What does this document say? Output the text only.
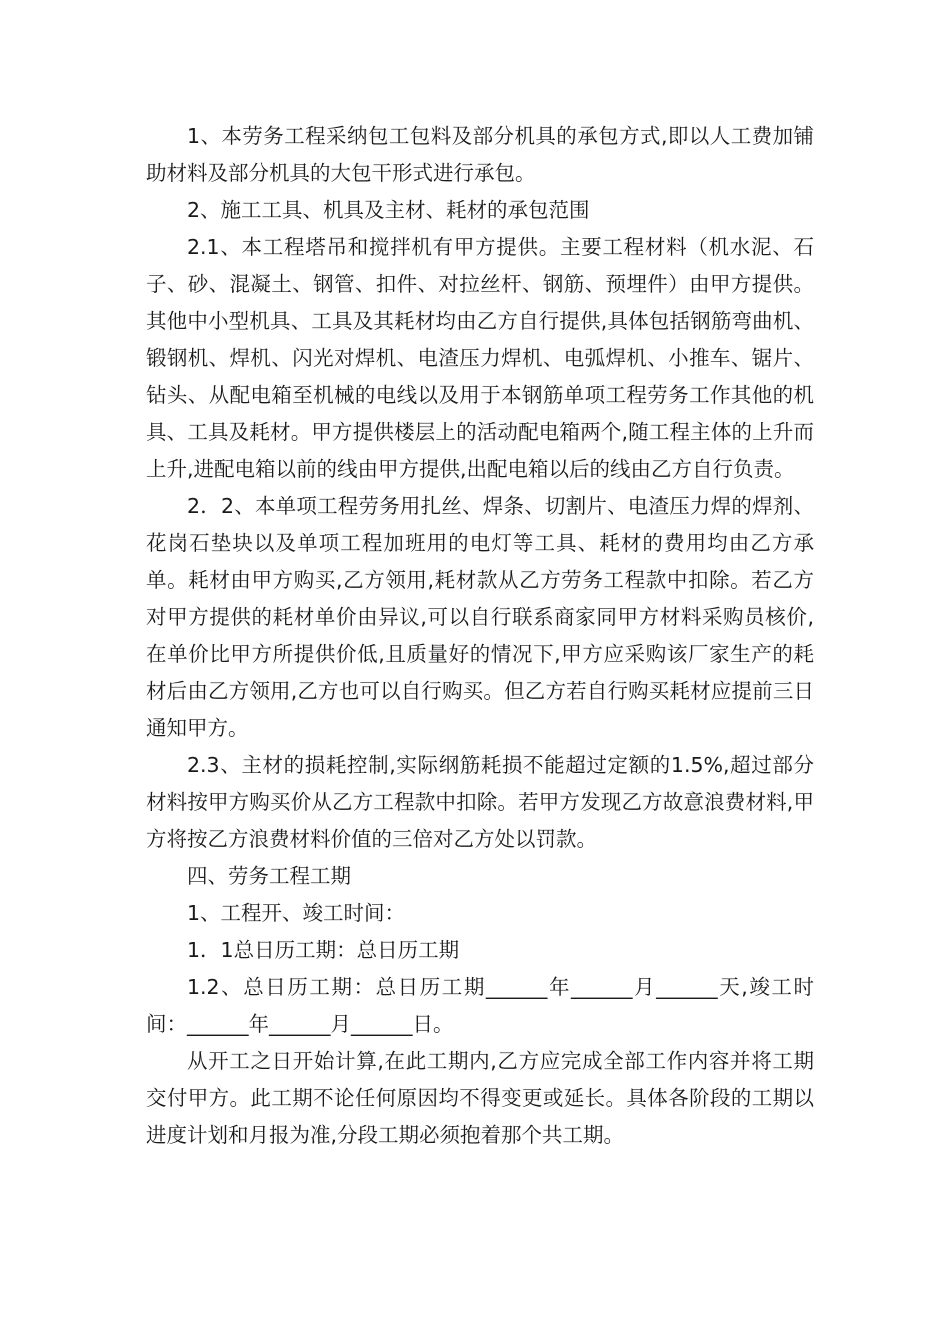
1、本劳务工程采纳包工包料及部分机具的承包方式,即以人工费加铺助材料及部分机具的大包干形式进行承包。

2、施工工具、机具及主材、耗材的承包范围

2.1、本工程塔吊和搅拌机有甲方提供。主要工程材料（机水泥、石子、砂、混凝土、钢管、扣件、对拉丝杆、钢筋、预埋件）由甲方提供。其他中小型机具、工具及其耗材均由乙方自行提供,具体包括钢筋弯曲机、锻钢机、焊机、闪光对焊机、电渣压力焊机、电弧焊机、小推车、锯片、钻头、从配电箱至机械的电线以及用于本钢筋单项工程劳务工作其他的机具、工具及耗材。甲方提供楼层上的活动配电箱两个,随工程主体的上升而上升,进配电箱以前的线由甲方提供,出配电箱以后的线由乙方自行负责。

2．2、本单项工程劳务用扎丝、焊条、切割片、电渣压力焊的焊剂、花岗石垫块以及单项工程加班用的电灯等工具、耗材的费用均由乙方承单。耗材由甲方购买,乙方领用,耗材款从乙方劳务工程款中扣除。若乙方对甲方提供的耗材单价由异议,可以自行联系商家同甲方材料采购员核价,在单价比甲方所提供价低,且质量好的情况下,甲方应采购该厂家生产的耗材后由乙方领用,乙方也可以自行购买。但乙方若自行购买耗材应提前三日通知甲方。

2.3、主材的损耗控制,实际纲筋耗损不能超过定额的1.5%,超过部分材料按甲方购买价从乙方工程款中扣除。若甲方发现乙方故意浪费材料,甲方将按乙方浪费材料价值的三倍对乙方处以罚款。

四、劳务工程工期

1、工程开、竣工时间：

1．1总日历工期：总日历工期

1.2、总日历工期：总日历工期______年______月______天,竣工时间：______年______月______日。

从开工之日开始计算,在此工期内,乙方应完成全部工作内容并将工期交付甲方。此工期不论任何原因均不得变更或延长。具体各阶段的工期以进度计划和月报为准,分段工期必须抱着那个共工期。
